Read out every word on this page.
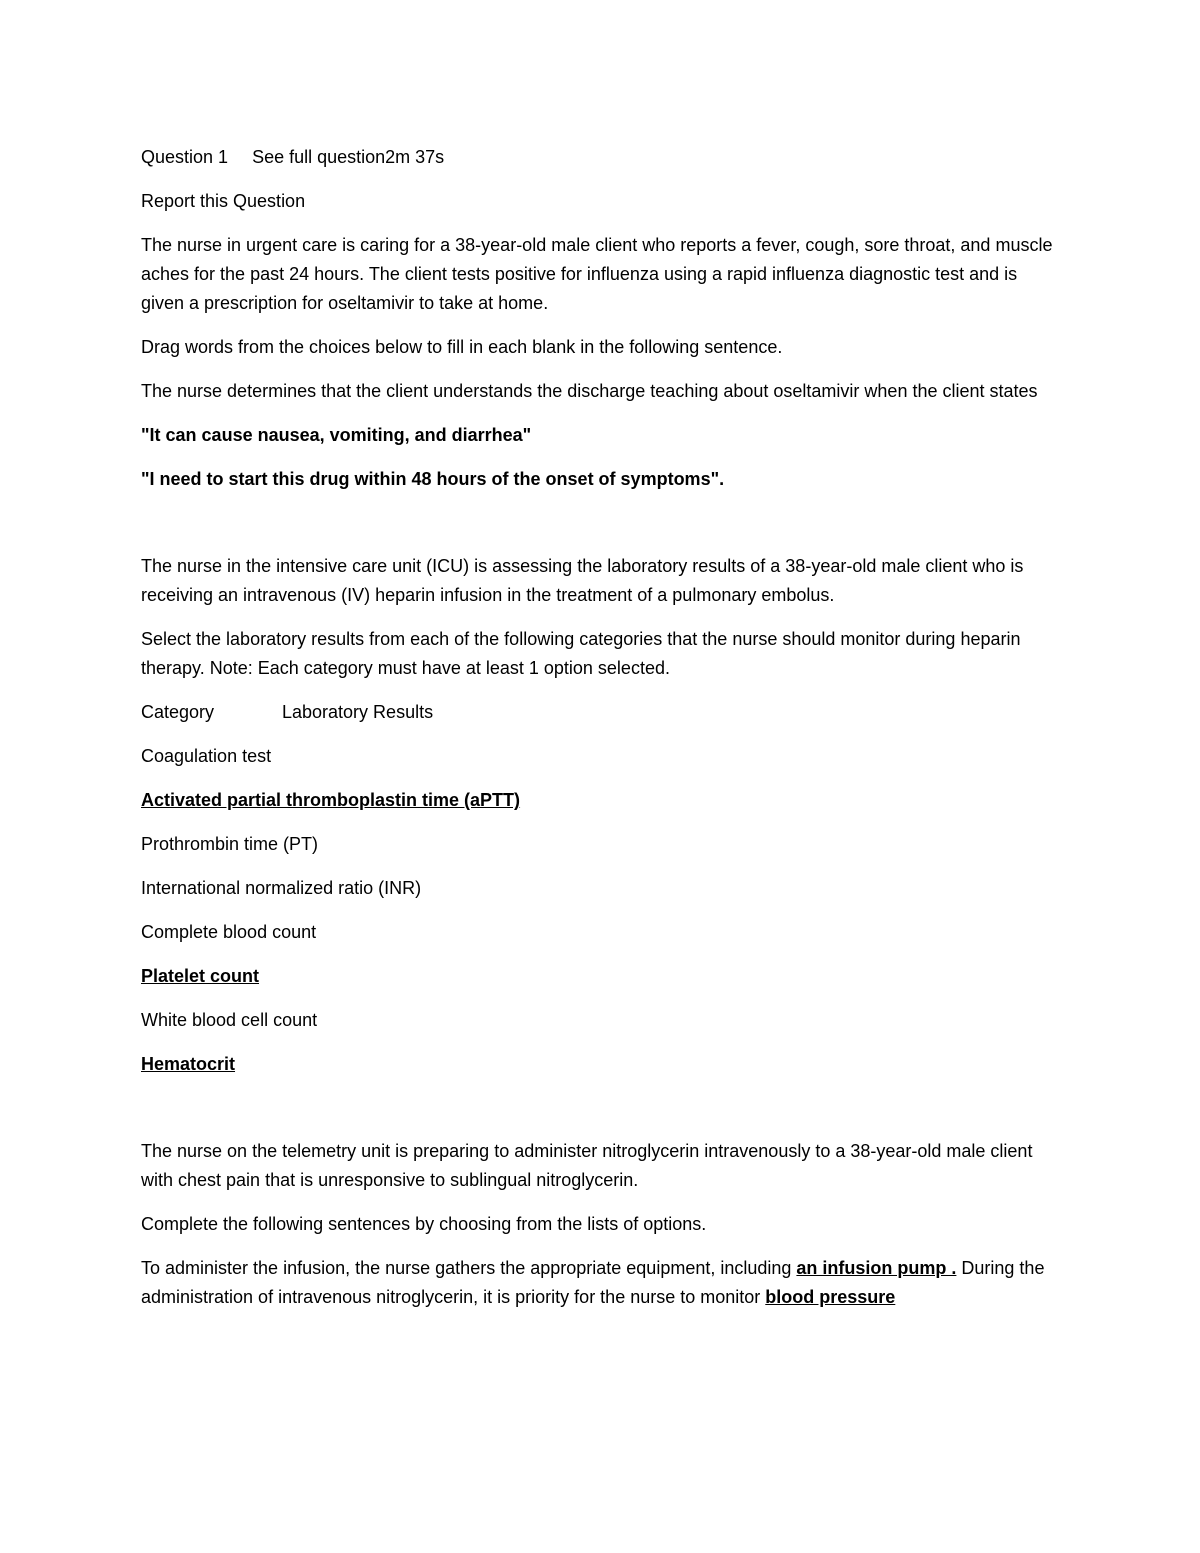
Question 1 See full question2m 37s

Report this Question

The nurse in urgent care is caring for a 38-year-old male client who reports a fever, cough, sore throat, and muscle aches for the past 24 hours. The client tests positive for influenza using a rapid influenza diagnostic test and is given a prescription for oseltamivir to take at home.

Drag words from the choices below to fill in each blank in the following sentence.

The nurse determines that the client understands the discharge teaching about oseltamivir when the client states

"It can cause nausea, vomiting, and diarrhea"

"I need to start this drug within 48 hours of the onset of symptoms".

The nurse in the intensive care unit (ICU) is assessing the laboratory results of a 38-year-old male client who is receiving an intravenous (IV) heparin infusion in the treatment of a pulmonary embolus.

Select the laboratory results from each of the following categories that the nurse should monitor during heparin therapy. Note: Each category must have at least 1 option selected.

Category	Laboratory Results

Coagulation test

Activated partial thromboplastin time (aPTT)

Prothrombin time (PT)

International normalized ratio (INR)

Complete blood count

Platelet count

White blood cell count

Hematocrit

The nurse on the telemetry unit is preparing to administer nitroglycerin intravenously to a 38-year-old male client with chest pain that is unresponsive to sublingual nitroglycerin.

Complete the following sentences by choosing from the lists of options.

To administer the infusion, the nurse gathers the appropriate equipment, including an infusion pump . During the administration of intravenous nitroglycerin, it is priority for the nurse to monitor blood pressure
